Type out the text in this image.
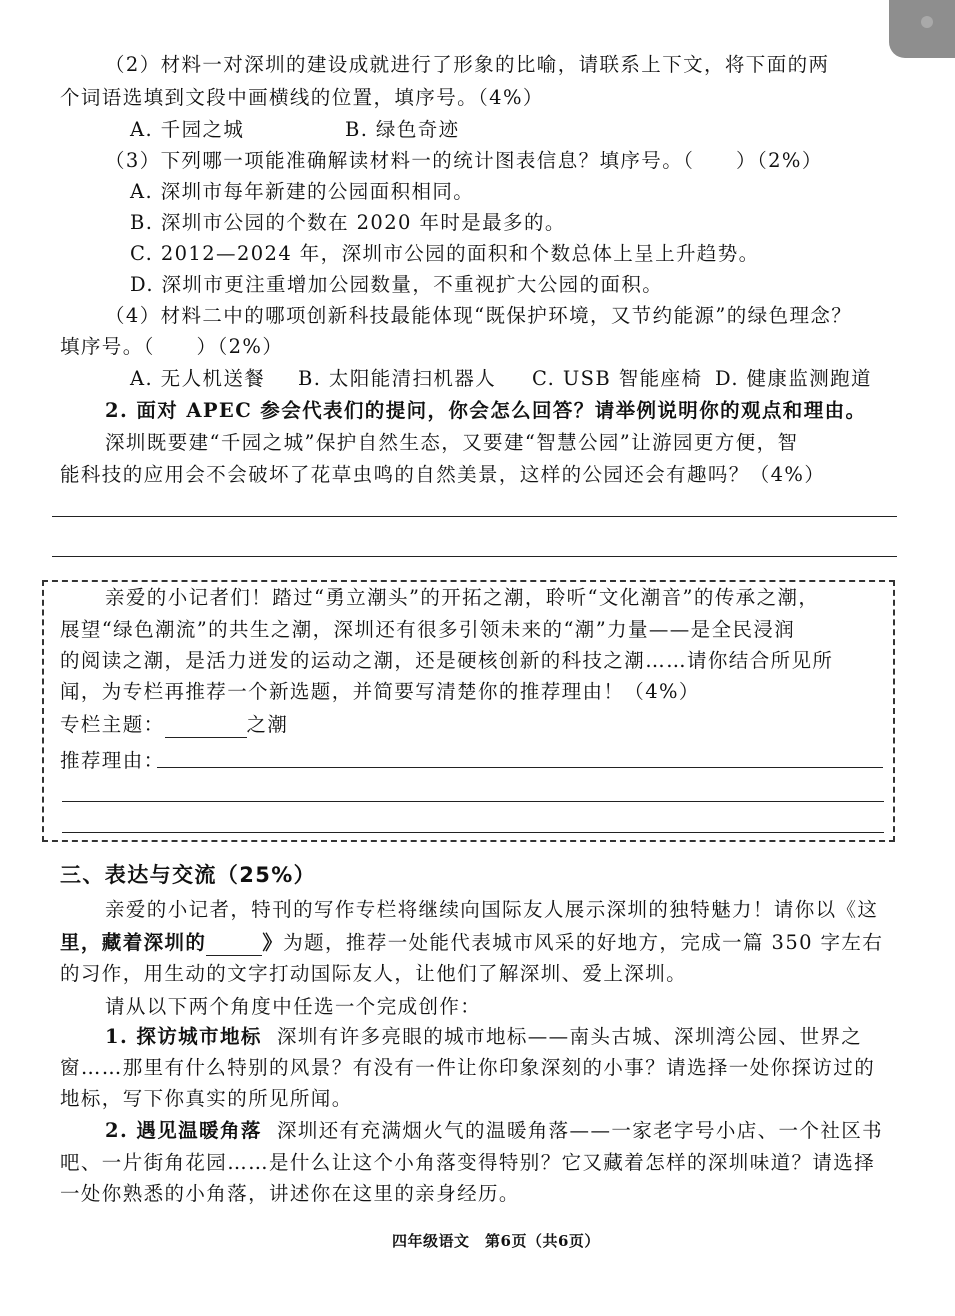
（2）材料一对深圳的建设成就进行了形象的比喻，请联系上下文，将下面的两
个词语选填到文段中画横线的位置，填序号。（4%）
A. 千园之城	B. 绿色奇迹
（3）下列哪一项能准确解读材料一的统计图表信息？填序号。（　　）（2%）
A. 深圳市每年新建的公园面积相同。
B. 深圳市公园的个数在 2020 年时是最多的。
C. 2012—2024 年，深圳市公园的面积和个数总体上呈上升趋势。
D. 深圳市更注重增加公园数量，不重视扩大公园的面积。
（4）材料二中的哪项创新科技最能体现“既保护环境，又节约能源”的绿色理念？
填序号。（　　）（2%）
A. 无人机送餐 B. 太阳能清扫机器人 C. USB 智能座椅 D. 健康监测跑道
2. 面对 APEC 参会代表们的提问，你会怎么回答？请举例说明你的观点和理由。
深圳既要建“千园之城”保护自然生态，又要建“智慧公园”让游园更方便，智
能科技的应用会不会破坏了花草虫鸣的自然美景，这样的公园还会有趣吗？（4%）
亲爱的小记者们！踏过“勇立潮头”的开拓之潮，聆听“文化潮音”的传承之潮，
展望“绿色潮流”的共生之潮，深圳还有很多引领未来的“潮”力量——是全民浸润
的阅读之潮，是活力迸发的运动之潮，还是硬核创新的科技之潮……请你结合所见所
闻，为专栏再推荐一个新选题，并简要写清楚你的推荐理由！（4%）
专栏主题：	之潮
推荐理由：
三、表达与交流（25%）
亲爱的小记者，特刊的写作专栏将继续向国际友人展示深圳的独特魅力！请你以《这
里，藏着深圳的	》为题，推荐一处能代表城市风采的好地方，完成一篇 350 字左右
的习作，用生动的文字打动国际友人，让他们了解深圳、爱上深圳。
请从以下两个角度中任选一个完成创作：
1. 探访城市地标 深圳有许多亮眼的城市地标——南头古城、深圳湾公园、世界之
窗……那里有什么特别的风景？有没有一件让你印象深刻的小事？请选择一处你探访过的
地标，写下你真实的所见所闻。
2. 遇见温暖角落 深圳还有充满烟火气的温暖角落——一家老字号小店、一个社区书
吧、一片街角花园……是什么让这个小角落变得特别？它又藏着怎样的深圳味道？请选择
一处你熟悉的小角落，讲述你在这里的亲身经历。
四年级语文　第6页（共6页）
